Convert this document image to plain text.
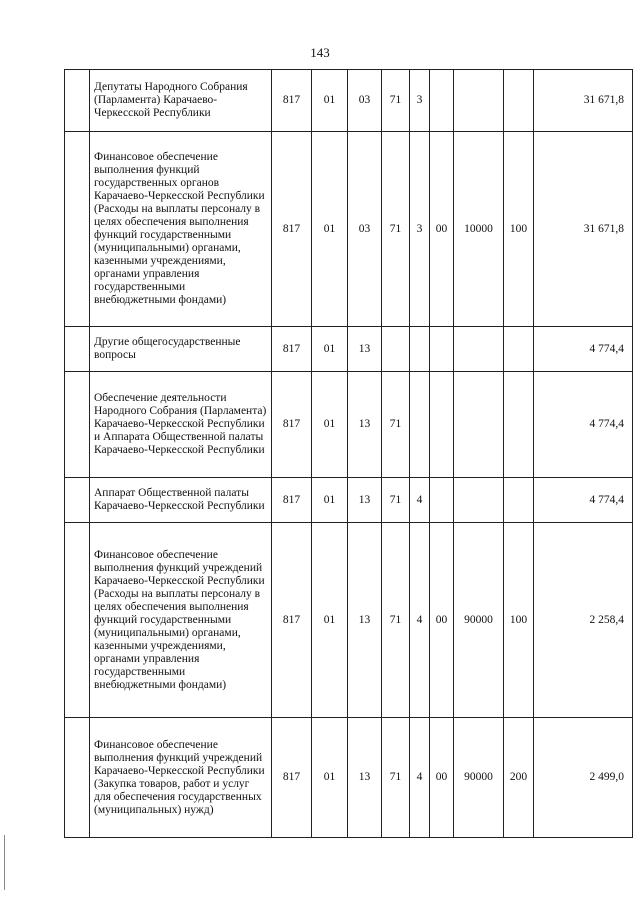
143
	Депутаты Народного Собрания (Парламента) Карачаево-Черкесской Республики	817	01	03	71	3				31 671,8
	Финансовое обеспечение выполнения функций государственных органов Карачаево-Черкесской Республики (Расходы на выплаты персоналу в целях обеспечения выполнения функций государственными (муниципальными) органами, казенными учреждениями, органами управления государственными внебюджетными фондами)	817	01	03	71	3	00	10000	100	31 671,8
	Другие общегосударственные вопросы	817	01	13						4 774,4
	Обеспечение деятельности Народного Собрания (Парламента) Карачаево-Черкесской Республики и Аппарата Общественной палаты Карачаево-Черкесской Республики	817	01	13	71					4 774,4
	Аппарат Общественной палаты Карачаево-Черкесской Республики	817	01	13	71	4				4 774,4
	Финансовое обеспечение выполнения функций учреждений Карачаево-Черкесской Республики (Расходы на выплаты персоналу в целях обеспечения выполнения функций государственными (муниципальными) органами, казенными учреждениями, органами управления государственными внебюджетными фондами)	817	01	13	71	4	00	90000	100	2 258,4
	Финансовое обеспечение выполнения функций учреждений Карачаево-Черкесской Республики (Закупка товаров, работ и услуг для обеспечения государственных (муниципальных) нужд)	817	01	13	71	4	00	90000	200	2 499,0
